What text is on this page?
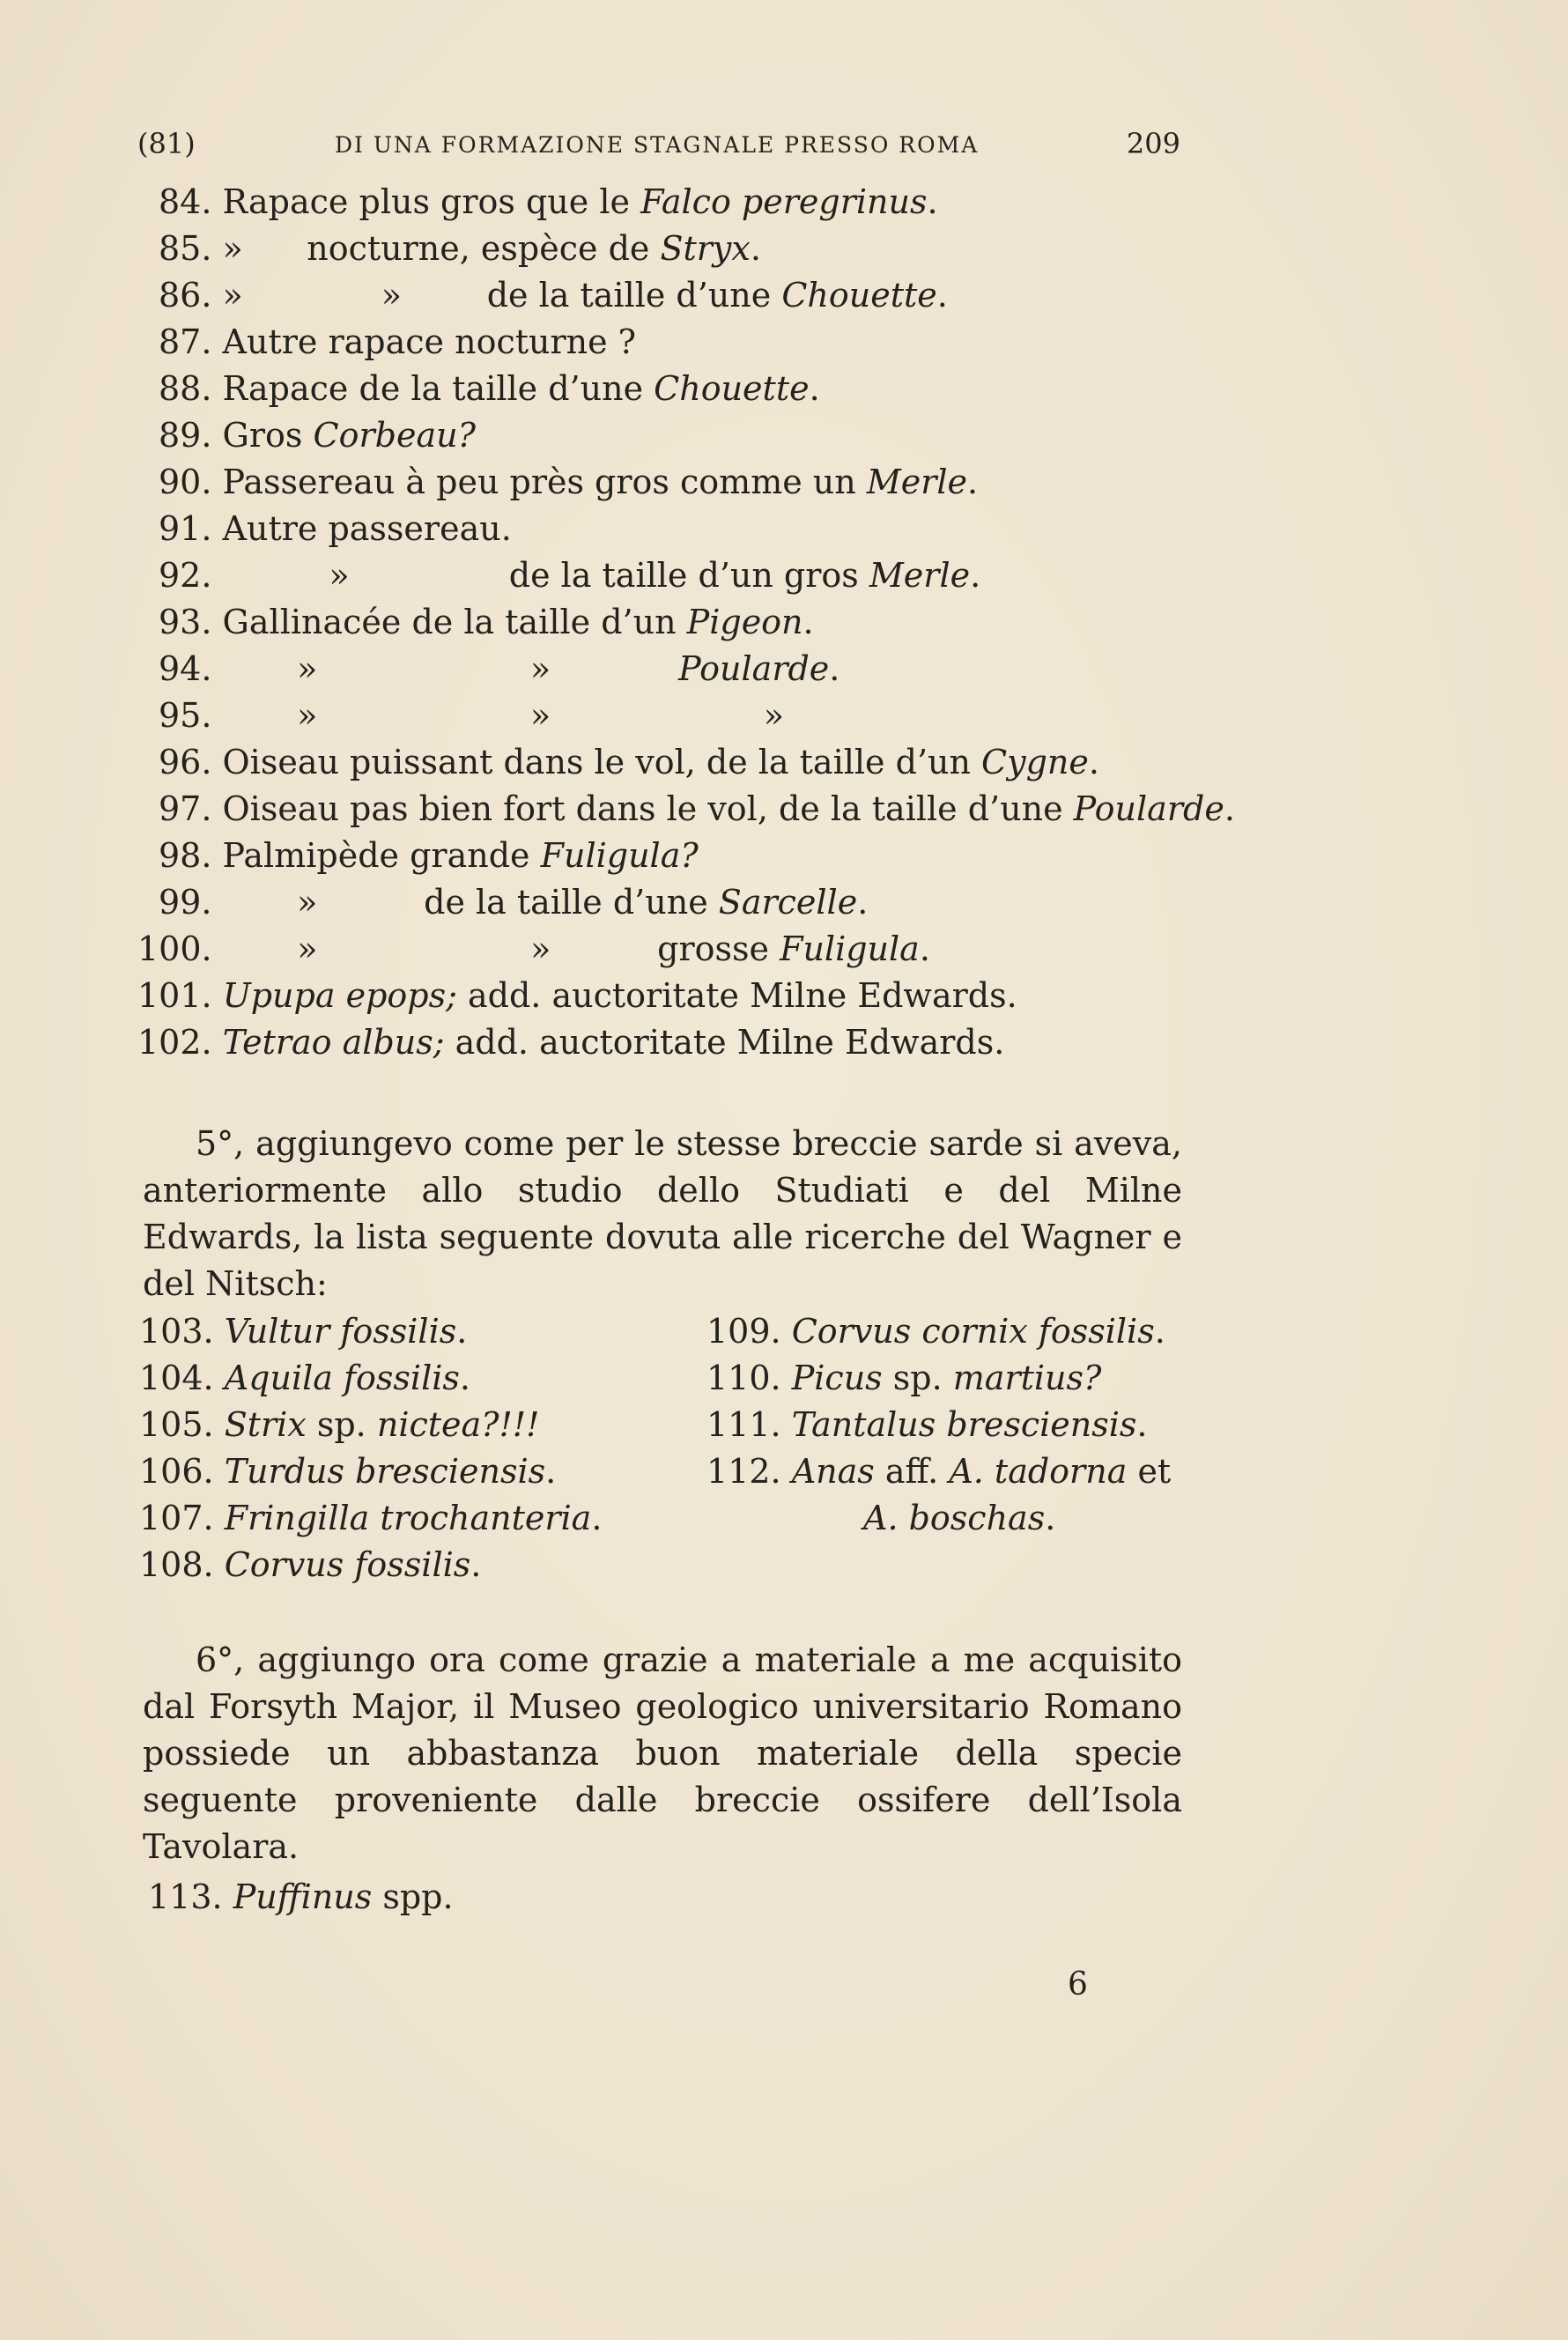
(81)	DI UNA FORMAZIONE STAGNALE PRESSO ROMA	209
84. Rapace plus gros que le Falco peregrinus.
85. »      nocturne, espèce de Stryx.
86. »             »        de la taille d’une Chouette.
87. Autre rapace nocturne ?
88. Rapace de la taille d’une Chouette.
89. Gros Corbeau?
90. Passereau à peu près gros comme un Merle.
91. Autre passereau.
92.           »               de la taille d’un gros Merle.
93. Gallinacée de la taille d’un Pigeon.
94.        »                    »            Poularde.
95.        »                    »                    »
96. Oiseau puissant dans le vol, de la taille d’un Cygne.
97. Oiseau pas bien fort dans le vol, de la taille d’une Poularde.
98. Palmipède grande Fuligula?
99.        »          de la taille d’une Sarcelle.
100.        »                    »          grosse Fuligula.
101. Upupa epops; add. auctoritate Milne Edwards.
102. Tetrao albus; add. auctoritate Milne Edwards.

5°, aggiungevo come per le stesse breccie sarde si aveva, anteriormente allo studio dello Studiati e del Milne Edwards, la lista seguente dovuta alle ricerche del Wagner e del Nitsch:

103. Vultur fossilis.
104. Aquila fossilis.
105. Strix sp. nictea?!!!
106. Turdus bresciensis.
107. Fringilla trochanteria.
108. Corvus fossilis.
109. Corvus cornix fossilis.
110. Picus sp. martius?
111. Tantalus bresciensis.
112. Anas aff. A. tadorna et
A. boschas.

6°, aggiungo ora come grazie a materiale a me acquisito dal Forsyth Major, il Museo geologico universitario Romano possiede un abbastanza buon materiale della specie seguente proveniente dalle breccie ossifere dell’Isola Tavolara.

113. Puffinus spp.
6
